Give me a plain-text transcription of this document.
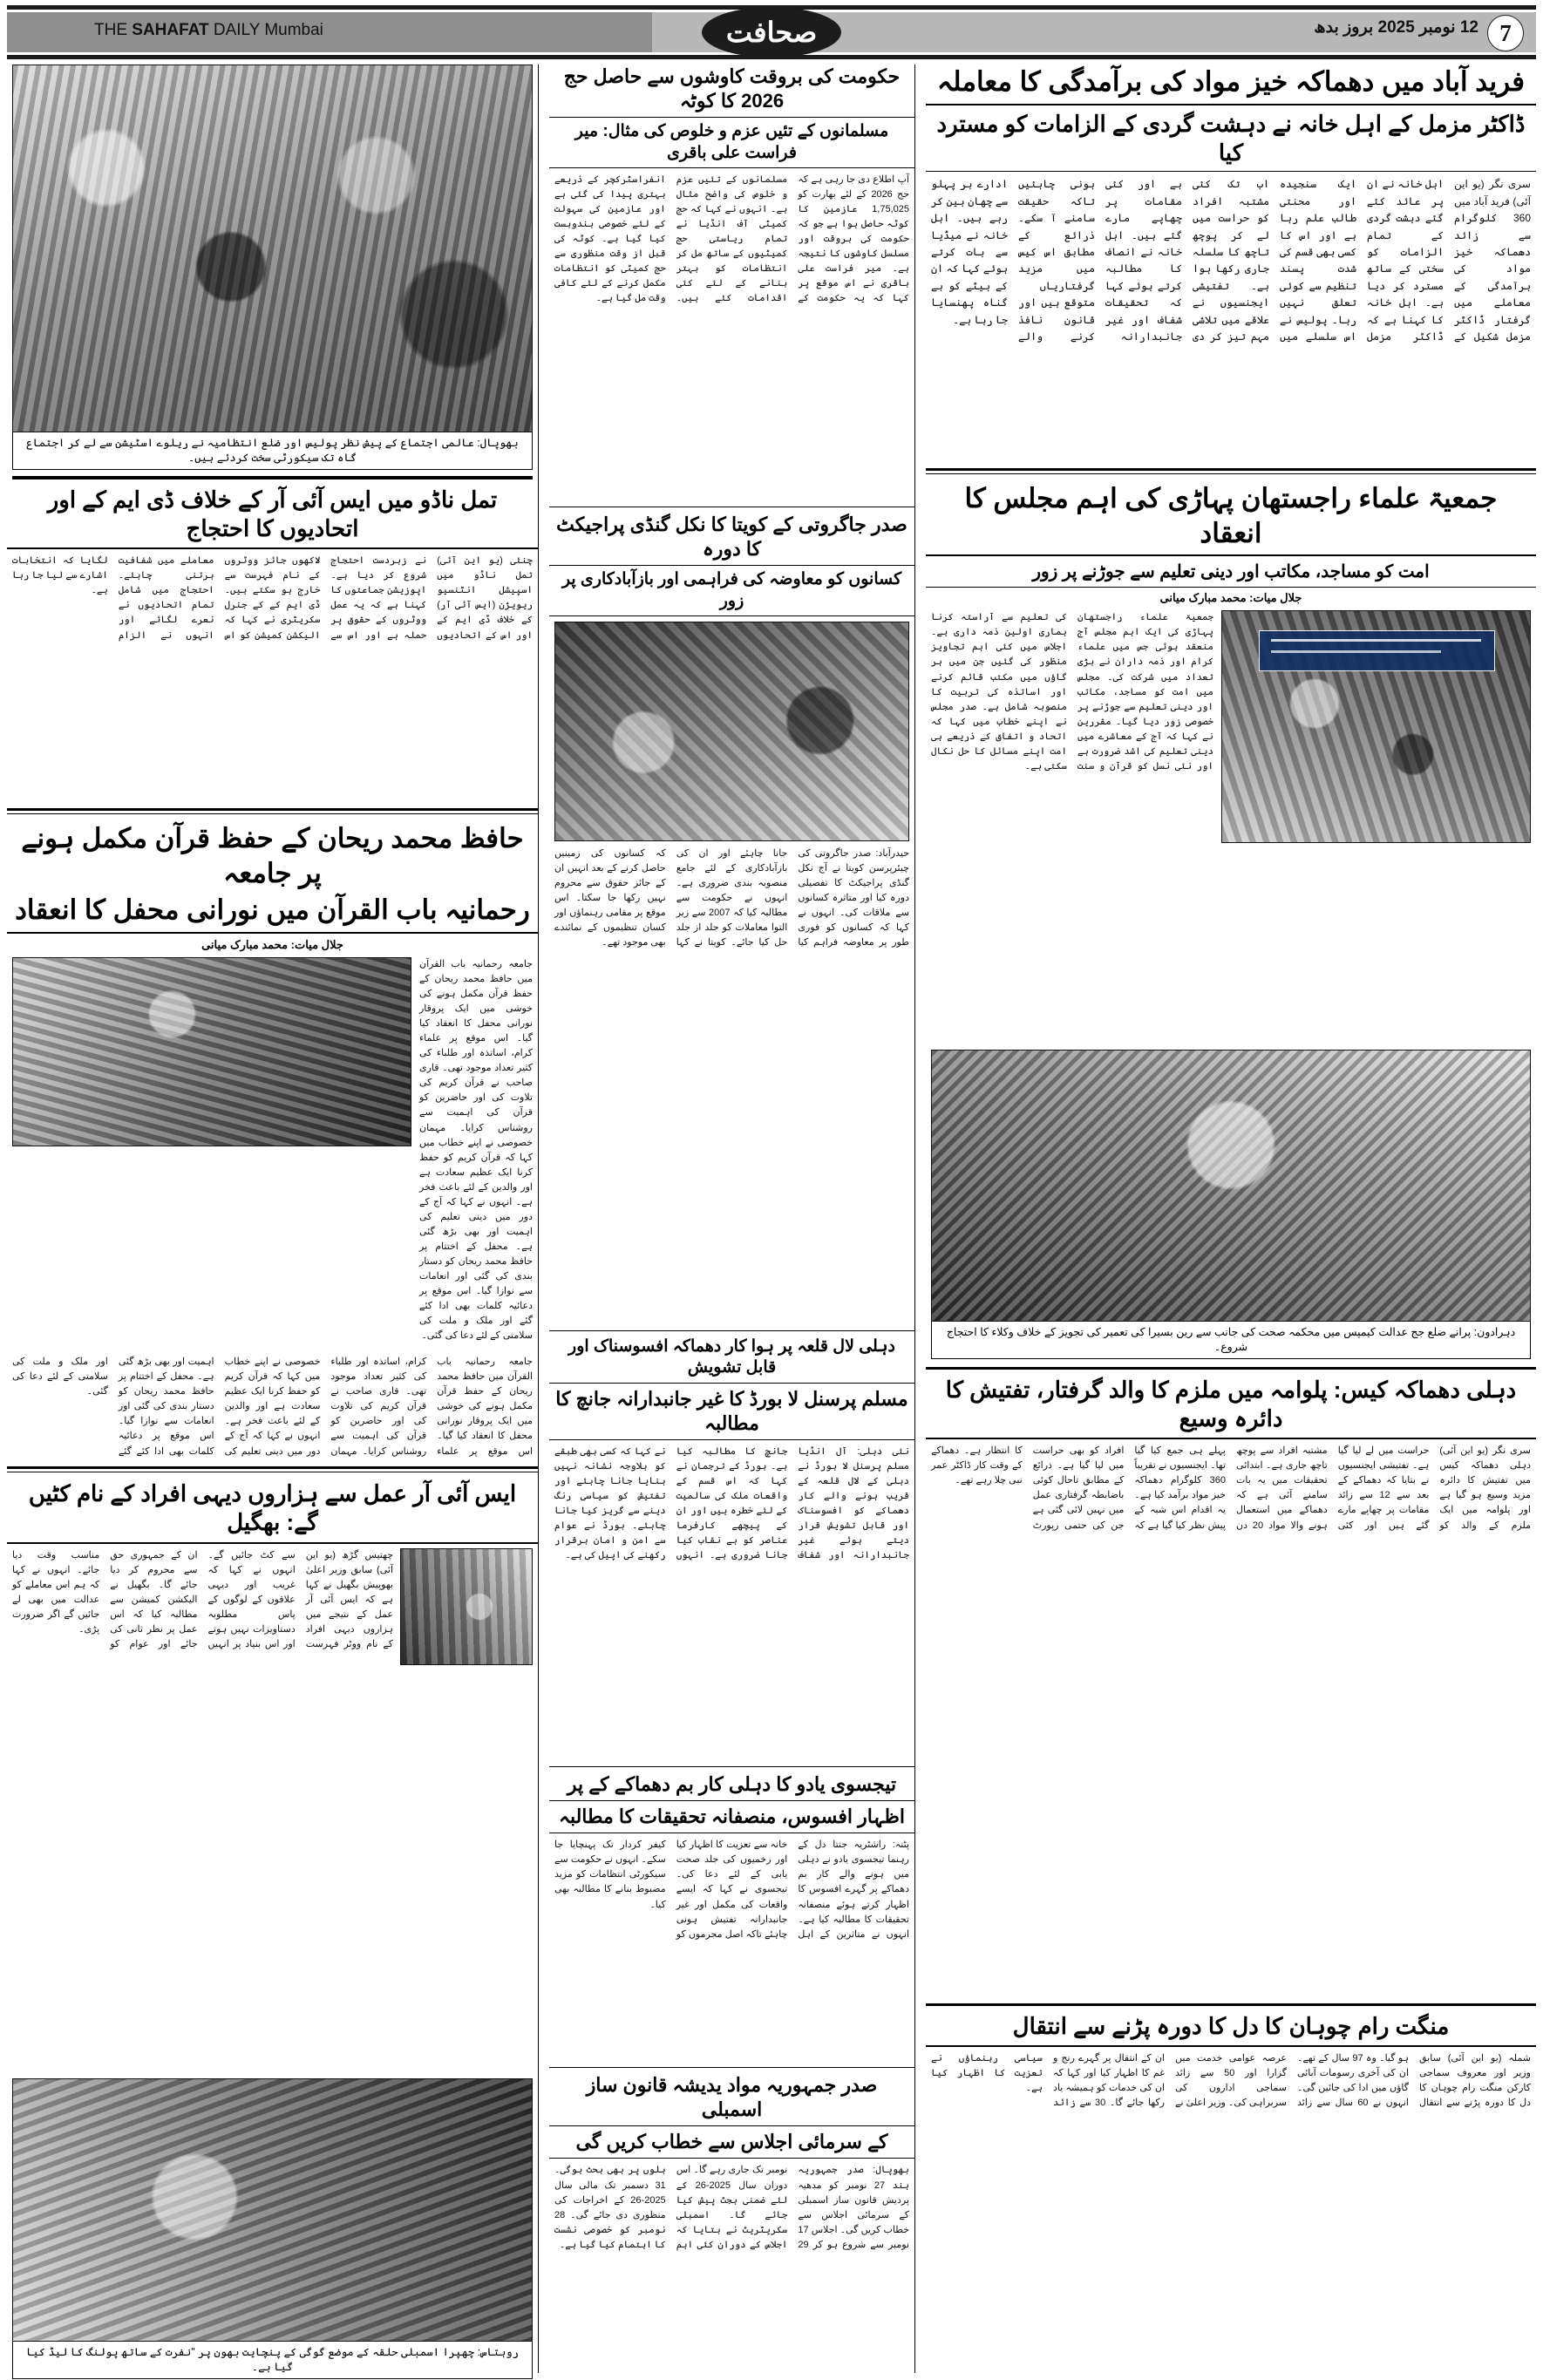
7
12 نومبر 2025 بروز بدھ
صحافت
THE SAHAFAT DAILY Mumbai
فرید آباد میں دھماکہ خیز مواد کی برآمدگی کا معاملہ
ڈاکٹر مزمل کے اہل خانہ نے دہشت گردی کے الزامات کو مسترد کیا

سری نگر (یو این آئی) فرید آباد میں 360 کلوگرام سے زائد دھماکہ خیز مواد کی برآمدگی کے معاملے میں گرفتار ڈاکٹر مزمل شکیل کے اہل خانہ نے ان پر عائد کئے گئے دہشت گردی کے تمام الزامات کو سختی کے ساتھ مسترد کر دیا ہے۔ اہل خانہ کا کہنا ہے کہ ڈاکٹر مزمل ایک سنجیدہ اور محنتی طالب علم رہا ہے اور اس کا کسی بھی قسم کی شدت پسند تنظیم سے کوئی تعلق نہیں رہا۔ پولیس نے اس سلسلے میں اب تک کئی مشتبہ افراد کو حراست میں لے کر پوچھ تاچھ کا سلسلہ جاری رکھا ہوا ہے۔ تفتیشی ایجنسیوں نے علاقے میں تلاشی مہم تیز کر دی ہے اور کئی مقامات پر چھاپے مارے گئے ہیں۔ اہل خانہ نے انصاف کا مطالبہ کرتے ہوئے کہا کہ تحقیقات شفاف اور غیر جانبدارانہ ہونی چاہئیں تاکہ حقیقت سامنے آ سکے۔ ذرائع کے مطابق اس کیس میں مزید گرفتاریاں متوقع ہیں اور قانون نافذ کرنے والے ادارے ہر پہلو سے چھان بین کر رہے ہیں۔ اہل خانہ نے میڈیا سے بات کرتے ہوئے کہا کہ ان کے بیٹے کو بے گناہ پھنسایا جا رہا ہے۔

جمعیۃ علماء راجستھان پہاڑی کی اہم مجلس کا انعقاد
امت کو مساجد، مکاتب اور دینی تعلیم سے جوڑنے پر زور
جلال میات: محمد مبارک میانی

جمعیۃ علماء راجستھان پہاڑی کی ایک اہم مجلس آج منعقد ہوئی جس میں علماء کرام اور ذمہ داران نے بڑی تعداد میں شرکت کی۔ مجلس میں امت کو مساجد، مکاتب اور دینی تعلیم سے جوڑنے پر خصوصی زور دیا گیا۔ مقررین نے کہا کہ آج کے معاشرے میں دینی تعلیم کی اشد ضرورت ہے اور نئی نسل کو قرآن و سنت کی تعلیم سے آراستہ کرنا ہماری اولین ذمہ داری ہے۔ اجلاس میں کئی اہم تجاویز منظور کی گئیں جن میں ہر گاؤں میں مکتب قائم کرنے اور اساتذہ کی تربیت کا منصوبہ شامل ہے۔ صدر مجلس نے اپنے خطاب میں کہا کہ اتحاد و اتفاق کے ذریعے ہی امت اپنے مسائل کا حل نکال سکتی ہے۔

دہرادون: پرانے ضلع جج عدالت کیمپس میں محکمہ صحت کی جانب سے رین بسیرا کی تعمیر کی تجویز کے خلاف وکلاء کا احتجاج شروع۔
دہلی دھماکہ کیس: پلوامہ میں ملزم کا والد گرفتار، تفتیش کا دائرہ وسیع

سری نگر (یو این آئی) دہلی دھماکہ کیس میں تفتیش کا دائرہ مزید وسیع ہو گیا ہے اور پلوامہ میں ایک ملزم کے والد کو حراست میں لے لیا گیا ہے۔ تفتیشی ایجنسیوں نے بتایا کہ دھماکے کے بعد سے 12 سے زائد مقامات پر چھاپے مارے گئے ہیں اور کئی مشتبہ افراد سے پوچھ تاچھ جاری ہے۔ ابتدائی تحقیقات میں یہ بات سامنے آئی ہے کہ دھماکے میں استعمال ہونے والا مواد 20 دن پہلے ہی جمع کیا گیا تھا۔ ایجنسیوں نے تقریباً 360 کلوگرام دھماکہ خیز مواد برآمد کیا ہے۔ یہ اقدام اس شبہ کے پیش نظر کیا گیا ہے کہ افراد کو بھی حراست میں لیا گیا ہے۔ ذرائع کے مطابق تاحال کوئی باضابطہ گرفتاری عمل میں نہیں لائی گئی ہے جن کی حتمی رپورٹ کا انتظار ہے۔ دھماکے کے وقت کار ڈاکٹر عمر نبی چلا رہے تھے۔

منگت رام چوہان کا دل کا دورہ پڑنے سے انتقال

شملہ (یو این آئی) سابق وزیر اور معروف سماجی کارکن منگت رام چوہان کا دل کا دورہ پڑنے سے انتقال ہو گیا۔ وہ 97 سال کے تھے۔ ان کی آخری رسومات آبائی گاؤں میں ادا کی جائیں گی۔ انہوں نے 60 سال سے زائد عرصہ عوامی خدمت میں گزارا اور 50 سے زائد سماجی اداروں کی سربراہی کی۔ وزیر اعلیٰ نے ان کے انتقال پر گہرے رنج و غم کا اظہار کیا اور کہا کہ ان کی خدمات کو ہمیشہ یاد رکھا جائے گا۔ 30 سے زائد سیاسی رہنماؤں نے تعزیت کا اظہار کیا ہے۔

حکومت کی بروقت کاوشوں سے حاصل حج 2026 کا کوٹہ
مسلمانوں کے تئیں عزم و خلوص کی مثال: میر فراست علی باقری

آپ اطلاع دی جا رہی ہے کہ حج 2026 کے لئے بھارت کو 1,75,025 عازمین کا کوٹہ حاصل ہوا ہے جو کہ حکومت کی بروقت اور مسلسل کاوشوں کا نتیجہ ہے۔ میر فراست علی باقری نے اس موقع پر کہا کہ یہ حکومت کے مسلمانوں کے تئیں عزم و خلوص کی واضح مثال ہے۔ انہوں نے کہا کہ حج کمیٹی آف انڈیا نے تمام ریاستی حج کمیٹیوں کے ساتھ مل کر انتظامات کو بہتر بنانے کے لئے کئی اقدامات کئے ہیں۔ انفراسٹرکچر کے ذریعے بہتری پیدا کی گئی ہے اور عازمین کی سہولت کے لئے خصوصی بندوبست کیا گیا ہے۔ کوٹہ کی قبل از وقت منظوری سے حج کمیٹی کو انتظامات مکمل کرنے کے لئے کافی وقت مل گیا ہے۔

صدر جاگروتی کے کویتا کا نکل گنڈی پراجیکٹ کا دورہ
کسانوں کو معاوضہ کی فراہمی اور بازآبادکاری پر زور

حیدرآباد: صدر جاگروتی کی چیئرپرسن کویتا نے آج نکل گنڈی پراجیکٹ کا تفصیلی دورہ کیا اور متاثرہ کسانوں سے ملاقات کی۔ انہوں نے کہا کہ کسانوں کو فوری طور پر معاوضہ فراہم کیا جانا چاہئے اور ان کی بازآبادکاری کے لئے جامع منصوبہ بندی ضروری ہے۔ انہوں نے حکومت سے مطالبہ کیا کہ 2007 سے زیر التوا معاملات کو جلد از جلد حل کیا جائے۔ کویتا نے کہا کہ کسانوں کی زمینیں حاصل کرنے کے بعد انہیں ان کے جائز حقوق سے محروم نہیں رکھا جا سکتا۔ اس موقع پر مقامی رہنماؤں اور کسان تنظیموں کے نمائندے بھی موجود تھے۔

دہلی لال قلعہ پر ہوا کار دھماکہ افسوسناک اور قابل تشویش
مسلم پرسنل لا بورڈ کا غیر جانبدارانہ جانچ کا مطالبہ

نئی دہلی: آل انڈیا مسلم پرسنل لا بورڈ نے دہلی کے لال قلعہ کے قریب ہونے والے کار دھماکے کو افسوسناک اور قابل تشویش قرار دیتے ہوئے غیر جانبدارانہ اور شفاف جانچ کا مطالبہ کیا ہے۔ بورڈ کے ترجمان نے کہا کہ اس قسم کے واقعات ملک کی سالمیت کے لئے خطرہ ہیں اور ان کے پیچھے کارفرما عناصر کو بے نقاب کیا جانا ضروری ہے۔ انہوں نے کہا کہ کسی بھی طبقے کو بلاوجہ نشانہ نہیں بنایا جانا چاہئے اور تفتیش کو سیاسی رنگ دینے سے گریز کیا جانا چاہئے۔ بورڈ نے عوام سے امن و امان برقرار رکھنے کی اپیل کی ہے۔

تیجسوی یادو کا دہلی کار بم دھماکے کے پر
اظہار افسوس، منصفانہ تحقیقات کا مطالبہ

پٹنہ: راشٹریہ جنتا دل کے رہنما تیجسوی یادو نے دہلی میں ہونے والے کار بم دھماکے پر گہرے افسوس کا اظہار کرتے ہوئے منصفانہ تحقیقات کا مطالبہ کیا ہے۔ انہوں نے متاثرین کے اہل خانہ سے تعزیت کا اظہار کیا اور زخمیوں کی جلد صحت یابی کے لئے دعا کی۔ تیجسوی نے کہا کہ ایسے واقعات کی مکمل اور غیر جانبدارانہ تفتیش ہونی چاہئے تاکہ اصل مجرموں کو کیفر کردار تک پہنچایا جا سکے۔ انہوں نے حکومت سے سیکورٹی انتظامات کو مزید مضبوط بنانے کا مطالبہ بھی کیا۔

صدر جمہوریہ مواد یدیشہ قانون ساز اسمبلی
کے سرمائی اجلاس سے خطاب کریں گی

بھوپال: صدر جمہوریہ ہند 27 نومبر کو مدھیہ پردیش قانون ساز اسمبلی کے سرمائی اجلاس سے خطاب کریں گی۔ اجلاس 17 نومبر سے شروع ہو کر 29 نومبر تک جاری رہے گا۔ اس دوران سال 2025-26 کے لئے ضمنی بجٹ پیش کیا جائے گا۔ اسمبلی سکریٹریٹ نے بتایا کہ اجلاس کے دوران کئی اہم بلوں پر بھی بحث ہوگی۔ 31 دسمبر تک مالی سال 2025-26 کے اخراجات کی منظوری دی جائے گی۔ 28 نومبر کو خصوصی نشست کا اہتمام کیا گیا ہے۔

بھوپال: عالمی اجتماع کے پیش نظر پولیس اور ضلع انتظامیہ نے ریلوے اسٹیشن سے لے کر اجتماع گاہ تک سیکورٹی سخت کردئے ہیں۔
تمل ناڈو میں ایس آئی آر کے خلاف ڈی ایم کے اور اتحادیوں کا احتجاج

چنئی (یو این آئی) تمل ناڈو میں اسپیشل انٹنسیو ریویژن (ایس آئی آر) کے خلاف ڈی ایم کے اور اس کے اتحادیوں نے زبردست احتجاج شروع کر دیا ہے۔ اپوزیشن جماعتوں کا کہنا ہے کہ یہ عمل ووٹروں کے حقوق پر حملہ ہے اور اس سے لاکھوں جائز ووٹروں کے نام فہرست سے خارج ہو سکتے ہیں۔ ڈی ایم کے کے جنرل سکریٹری نے کہا کہ الیکشن کمیشن کو اس معاملے میں شفافیت برتنی چاہئے۔ احتجاج میں شامل تمام اتحادیوں نے نعرے لگائے اور انہوں نے الزام لگایا کہ انتخابات اشارے سے لیا جا رہا ہے۔

حافظ محمد ریحان کے حفظ قرآن مکمل ہونے پر جامعہ
رحمانیہ باب القرآن میں نورانی محفل کا انعقاد
جلال میات: محمد مبارک میانی

جامعہ رحمانیہ باب القرآن میں حافظ محمد ریحان کے حفظ قرآن مکمل ہونے کی خوشی میں ایک پروقار نورانی محفل کا انعقاد کیا گیا۔ اس موقع پر علماء کرام، اساتذہ اور طلباء کی کثیر تعداد موجود تھی۔ قاری صاحب نے قرآن کریم کی تلاوت کی اور حاضرین کو قرآن کی اہمیت سے روشناس کرایا۔ مہمان خصوصی نے اپنے خطاب میں کہا کہ قرآن کریم کو حفظ کرنا ایک عظیم سعادت ہے اور والدین کے لئے باعث فخر ہے۔ انہوں نے کہا کہ آج کے دور میں دینی تعلیم کی اہمیت اور بھی بڑھ گئی ہے۔ محفل کے اختتام پر حافظ محمد ریحان کو دستار بندی کی گئی اور انعامات سے نوازا گیا۔ اس موقع پر دعائیہ کلمات بھی ادا کئے گئے اور ملک و ملت کی سلامتی کے لئے دعا کی گئی۔

جامعہ رحمانیہ باب القرآن میں حافظ محمد ریحان کے حفظ قرآن مکمل ہونے کی خوشی میں ایک پروقار نورانی محفل کا انعقاد کیا گیا۔ اس موقع پر علماء کرام، اساتذہ اور طلباء کی کثیر تعداد موجود تھی۔ قاری صاحب نے قرآن کریم کی تلاوت کی اور حاضرین کو قرآن کی اہمیت سے روشناس کرایا۔ مہمان خصوصی نے اپنے خطاب میں کہا کہ قرآن کریم کو حفظ کرنا ایک عظیم سعادت ہے اور والدین کے لئے باعث فخر ہے۔ انہوں نے کہا کہ آج کے دور میں دینی تعلیم کی اہمیت اور بھی بڑھ گئی ہے۔ محفل کے اختتام پر حافظ محمد ریحان کو دستار بندی کی گئی اور انعامات سے نوازا گیا۔ اس موقع پر دعائیہ کلمات بھی ادا کئے گئے اور ملک و ملت کی سلامتی کے لئے دعا کی گئی۔

ایس آئی آر عمل سے ہزاروں دیہی افراد کے نام کٹیں گے: بھگیل

چھتیس گڑھ (یو این آئی) سابق وزیر اعلیٰ بھوپیش بگھیل نے کہا ہے کہ ایس آئی آر عمل کے نتیجے میں ہزاروں دیہی افراد کے نام ووٹر فہرست سے کٹ جائیں گے۔ انہوں نے کہا کہ غریب اور دیہی علاقوں کے لوگوں کے پاس مطلوبہ دستاویزات نہیں ہوتے اور اس بنیاد پر انہیں ان کے جمہوری حق سے محروم کر دیا جائے گا۔ بگھیل نے الیکشن کمیشن سے مطالبہ کیا کہ اس عمل پر نظر ثانی کی جائے اور عوام کو مناسب وقت دیا جائے۔ انہوں نے کہا کہ ہم اس معاملے کو عدالت میں بھی لے جائیں گے اگر ضرورت پڑی۔

روہتاس: چھپرا اسمبلی حلقہ کے موضع گوگی کے پنچایت بھون پر "نفرت کے ساتھ پولنگ کا لیڈ کیا گیا ہے۔
